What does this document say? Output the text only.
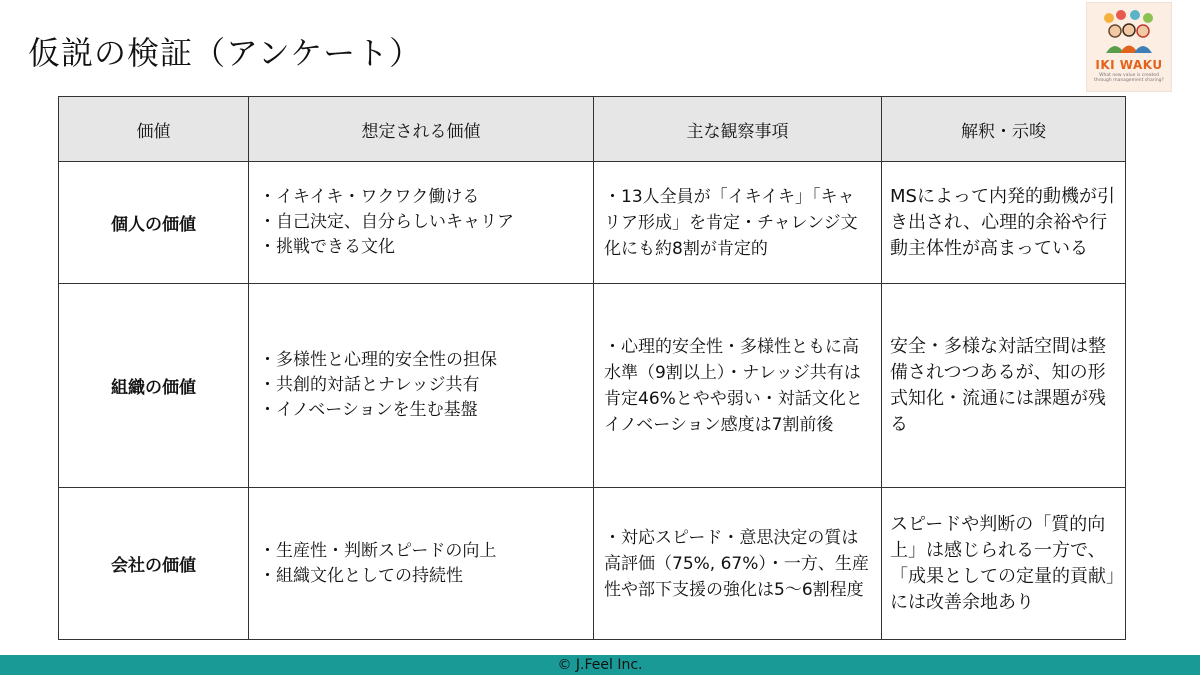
仮説の検証（アンケート）	IKI WAKU
What new value is created through management sharing?
価値	想定される価値	主な観察事項	解釈・示唆
個人の価値	・イキイキ・ワクワク働ける
・自己決定、自分らしいキャリア
・挑戦できる文化	・13人全員が「イキイキ」「キャリア形成」を肯定・チャレンジ文化にも約8割が肯定的	MSによって内発的動機が引き出され、心理的余裕や行動主体性が高まっている

組織の価値	・多様性と心理的安全性の担保
・共創的対話とナレッジ共有
・イノベーションを生む基盤	・心理的安全性・多様性ともに高水準（9割以上）・ナレッジ共有は肯定46%とやや弱い・対話文化とイノベーション感度は7割前後	安全・多様な対話空間は整備されつつあるが、知の形式知化・流通には課題が残る

会社の価値	・生産性・判断スピードの向上
・組織文化としての持続性	・対応スピード・意思決定の質は高評価（75%, 67%）・一方、生産性や部下支援の強化は5～6割程度	スピードや判断の「質的向上」は感じられる一方で、「成果としての定量的貢献」には改善余地あり
© J.Feel Inc.
